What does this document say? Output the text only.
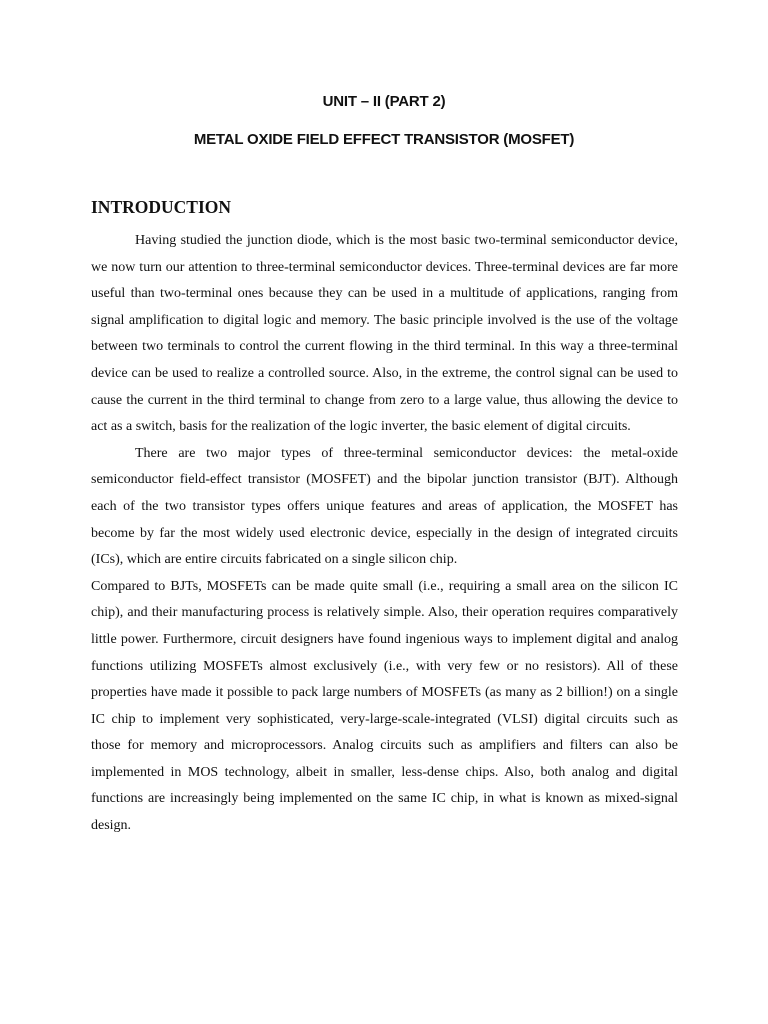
UNIT – II (PART 2)
METAL OXIDE FIELD EFFECT TRANSISTOR (MOSFET)
INTRODUCTION

Having studied the junction diode, which is the most basic two-terminal semiconductor device, we now turn our attention to three-terminal semiconductor devices. Three-terminal devices are far more useful than two-terminal ones because they can be used in a multitude of applications, ranging from signal amplification to digital logic and memory. The basic principle involved is the use of the voltage between two terminals to control the current flowing in the third terminal. In this way a three-terminal device can be used to realize a controlled source. Also, in the extreme, the control signal can be used to cause the current in the third terminal to change from zero to a large value, thus allowing the device to act as a switch, basis for the realization of the logic inverter, the basic element of digital circuits.

There are two major types of three-terminal semiconductor devices: the metal-oxide semiconductor field-effect transistor (MOSFET) and the bipolar junction transistor (BJT). Although each of the two transistor types offers unique features and areas of application, the MOSFET has become by far the most widely used electronic device, especially in the design of integrated circuits (ICs), which are entire circuits fabricated on a single silicon chip.

Compared to BJTs, MOSFETs can be made quite small (i.e., requiring a small area on the silicon IC chip), and their manufacturing process is relatively simple. Also, their operation requires comparatively little power. Furthermore, circuit designers have found ingenious ways to implement digital and analog functions utilizing MOSFETs almost exclusively (i.e., with very few or no resistors). All of these properties have made it possible to pack large numbers of MOSFETs (as many as 2 billion!) on a single IC chip to implement very sophisticated, very-large-scale-integrated (VLSI) digital circuits such as those for memory and microprocessors. Analog circuits such as amplifiers and filters can also be implemented in MOS technology, albeit in smaller, less-dense chips. Also, both analog and digital functions are increasingly being implemented on the same IC chip, in what is known as mixed-signal design.
